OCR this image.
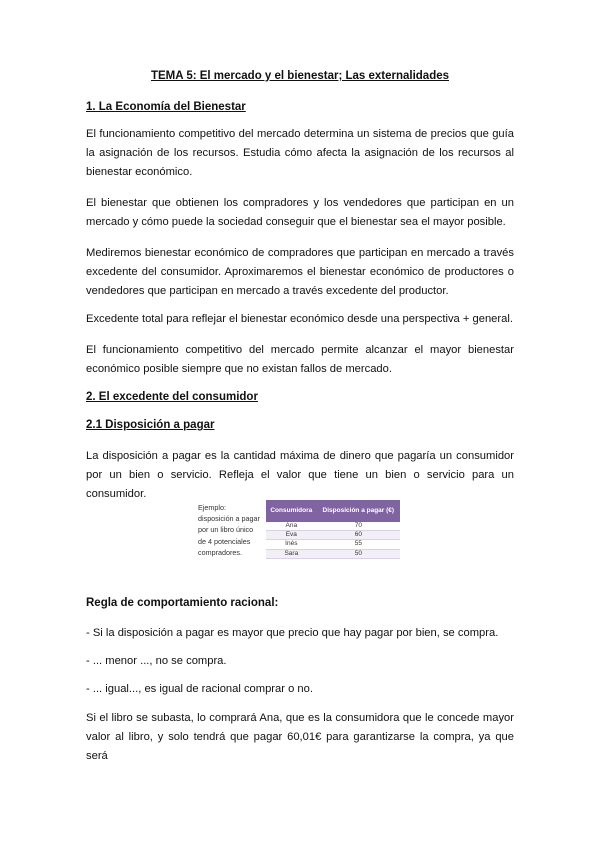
TEMA 5: El mercado y el bienestar; Las externalidades
1. La Economía del Bienestar

El funcionamiento competitivo del mercado determina un sistema de precios que guía la asignación de los recursos. Estudia cómo afecta la asignación de los recursos al bienestar económico.

El bienestar que obtienen los compradores y los vendedores que participan en un mercado y cómo puede la sociedad conseguir que el bienestar sea el mayor posible.

Mediremos bienestar económico de compradores que participan en mercado a través excedente del consumidor. Aproximaremos el bienestar económico de productores o vendedores que participan en mercado a través excedente del productor.

Excedente total para reflejar el bienestar económico desde una perspectiva + general.

El funcionamiento competitivo del mercado permite alcanzar el mayor bienestar económico posible siempre que no existan fallos de mercado.

2. El excedente del consumidor
2.1 Disposición a pagar

La disposición a pagar es la cantidad máxima de dinero que pagaría un consumidor por un bien o servicio. Refleja el valor que tiene un bien o servicio para un consumidor.

Ejemplo: disposición a pagar por un libro único de 4 potenciales compradores.
Consumidora	Disposición a pagar (€)
Ana	70
Eva	60
Inés	55
Sara	50
Regla de comportamiento racional:
- Si la disposición a pagar es mayor que precio que hay pagar por bien, se compra.
- ... menor ..., no se compra.
- ... igual..., es igual de racional comprar o no.

Si el libro se subasta, lo comprará Ana, que es la consumidora que le concede mayor valor al libro, y solo tendrá que pagar 60,01€ para garantizarse la compra, ya que será
